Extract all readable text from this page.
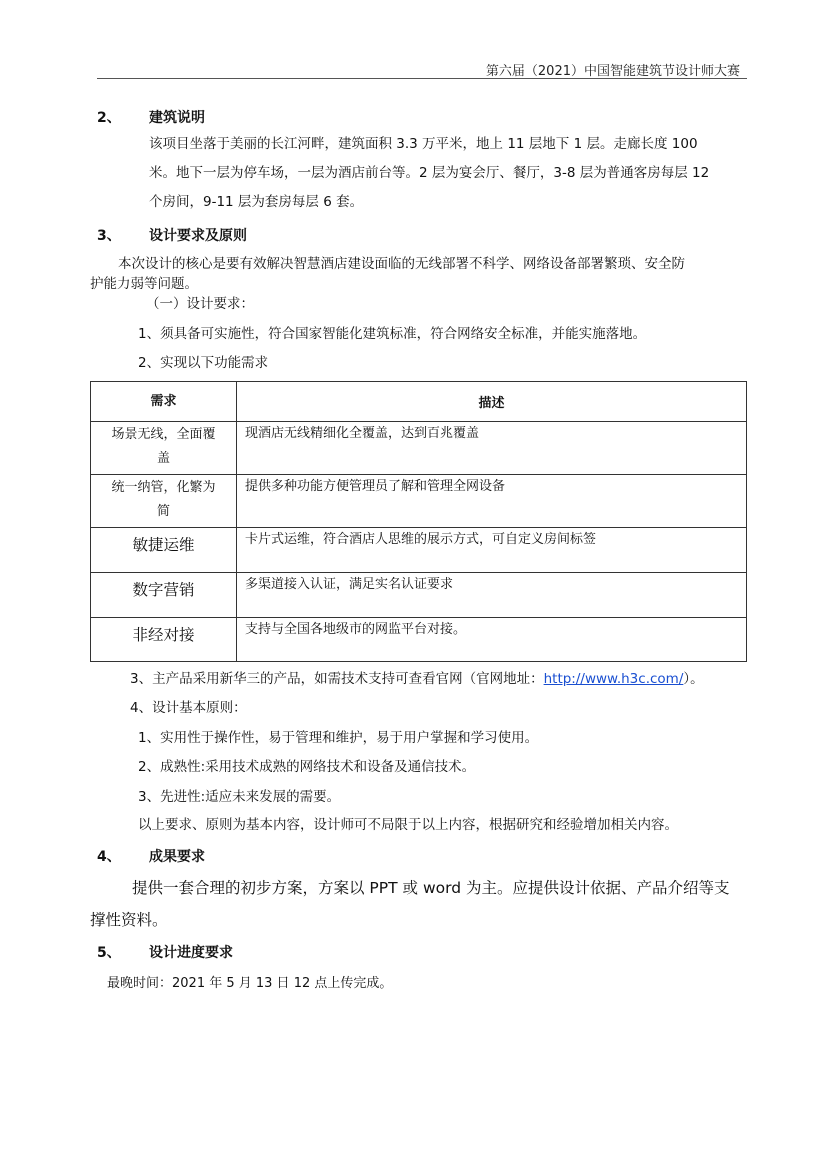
第六届（2021）中国智能建筑节设计师大赛
2、 建筑说明
该项目坐落于美丽的长江河畔，建筑面积 3.3 万平米，地上 11 层地下 1 层。走廊长度 100
米。地下一层为停车场，一层为酒店前台等。2 层为宴会厅、餐厅，3-8 层为普通客房每层 12
个房间，9-11 层为套房每层 6 套。
3、 设计要求及原则
本次设计的核心是要有效解决智慧酒店建设面临的无线部署不科学、网络设备部署繁琐、安全防
护能力弱等问题。
（一）设计要求：
1、须具备可实施性，符合国家智能化建筑标准，符合网络安全标准，并能实施落地。
2、实现以下功能需求
需求	描述

场景无线，全面覆
盖	现酒店无线精细化全覆盖，达到百兆覆盖

统一纳管，化繁为
简	提供多种功能方便管理员了解和管理全网设备
敏捷运维	卡片式运维，符合酒店人思维的展示方式，可自定义房间标签
数字营销	多渠道接入认证，满足实名认证要求
非经对接	支持与全国各地级市的网监平台对接。
3、主产品采用新华三的产品，如需技术支持可查看官网（官网地址：http://www.h3c.com/）。
4、设计基本原则：
1、实用性于操作性，易于管理和维护，易于用户掌握和学习使用。
2、成熟性:采用技术成熟的网络技术和设备及通信技术。
3、先进性:适应未来发展的需要。
以上要求、原则为基本内容，设计师可不局限于以上内容，根据研究和经验增加相关内容。
4、 成果要求
提供一套合理的初步方案，方案以 PPT 或 word 为主。应提供设计依据、产品介绍等支
撑性资料。
5、 设计进度要求
最晚时间：2021 年 5 月 13 日 12 点上传完成。
